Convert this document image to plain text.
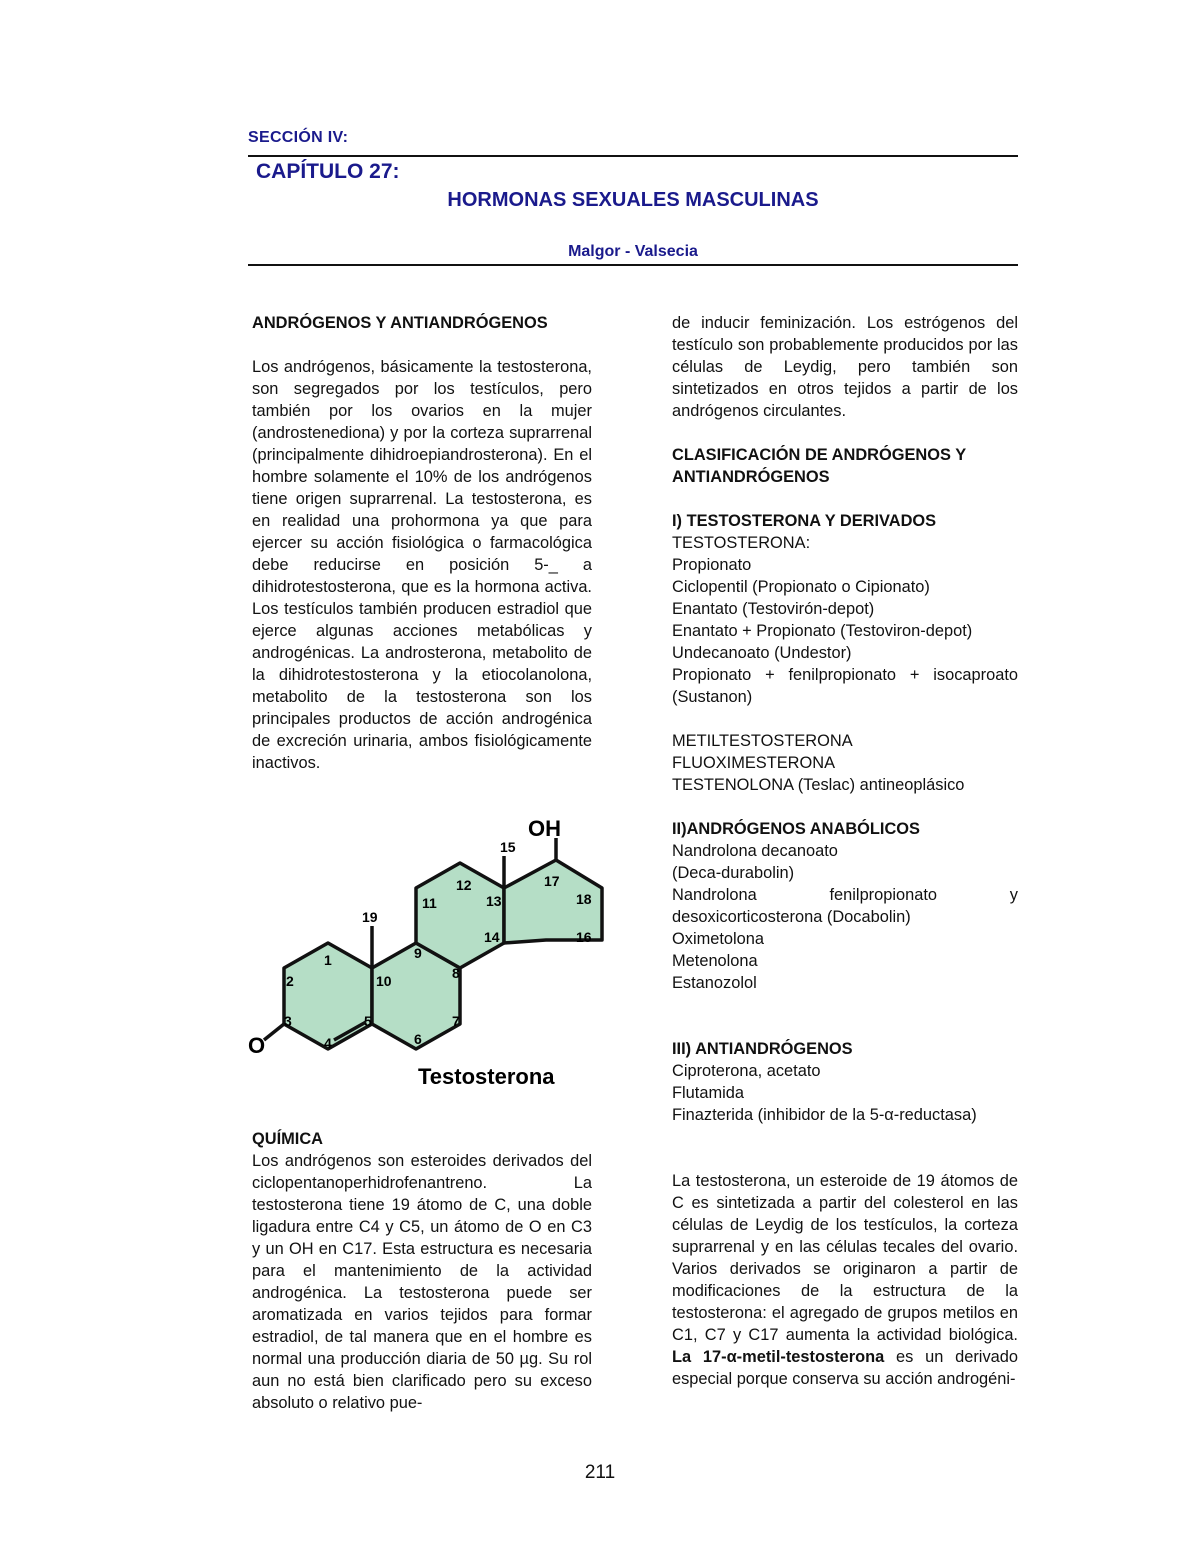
SECCIÓN IV:
CAPÍTULO 27:
HORMONAS SEXUALES MASCULINAS
Malgor - Valsecia

ANDRÓGENOS Y ANTIANDRÓGENOS

Los andrógenos, básicamente la testosterona, son segregados por los testículos, pero también por los ovarios en la mujer (androstenediona) y por la corteza suprarrenal (principalmente dihidroepiandrosterona). En el hombre solamente el 10% de los andrógenos tiene origen suprarrenal. La testosterona, es en realidad una prohormona ya que para ejercer su acción fisiológica o farmacológica debe reducirse en posición 5-_ a dihidrotestosterona, que es la hormona activa. Los testículos también producen estradiol que ejerce algunas acciones metabólicas y androgénicas. La androsterona, metabolito de la dihidrotestosterona y la etiocolanolona, metabolito de la testosterona son los principales productos de acción androgénica de excreción urinaria, ambos fisiológicamente inactivos.

OH
O
Testosterona
1
2
3
4
5
6
7
8
9
10
11
12
13
14
15
16
17
18
19

QUÍMICA

Los andrógenos son esteroides derivados del ciclopentanoperhidrofenantreno. La testosterona tiene 19 átomo de C, una doble ligadura entre C4 y C5, un átomo de O en C3 y un OH en C17. Esta estructura es necesaria para el mantenimiento de la actividad androgénica. La testosterona puede ser aromatizada en varios tejidos para formar estradiol, de tal manera que en el hombre es normal una producción diaria de 50 µg. Su rol aun no está bien clarificado pero su exceso absoluto o relativo pue-

de inducir feminización. Los estrógenos del testículo son probablemente producidos por las células de Leydig, pero también son sintetizados en otros tejidos a partir de los andrógenos circulantes.

CLASIFICACIÓN DE ANDRÓGENOS Y

ANTIANDRÓGENOS

I) TESTOSTERONA Y DERIVADOS

TESTOSTERONA:

Propionato

Ciclopentil (Propionato o Cipionato)

Enantato (Testovirón-depot)

Enantato + Propionato (Testoviron-depot)

Undecanoato (Undestor)

Propionato + fenilpropionato + isocaproato (Sustanon)

METILTESTOSTERONA

FLUOXIMESTERONA

TESTENOLONA (Teslac) antineoplásico

II)ANDRÓGENOS ANABÓLICOS

Nandrolona decanoato

(Deca-durabolin)

Nandrolona fenilpropionato y desoxicorticosterona (Docabolin)

Oximetolona

Metenolona

Estanozolol

III) ANTIANDRÓGENOS

Ciproterona, acetato

Flutamida

Finazterida (inhibidor de la 5-α-reductasa)

La testosterona, un esteroide de 19 átomos de C es sintetizada a partir del colesterol en las células de Leydig de los testículos, la corteza suprarrenal y en las células tecales del ovario. Varios derivados se originaron a partir de modificaciones de la estructura de la testosterona: el agregado de grupos metilos en C1, C7 y C17 aumenta la actividad biológica. La 17-α-metil-testosterona es un derivado especial porque conserva su acción androgéni-

211
